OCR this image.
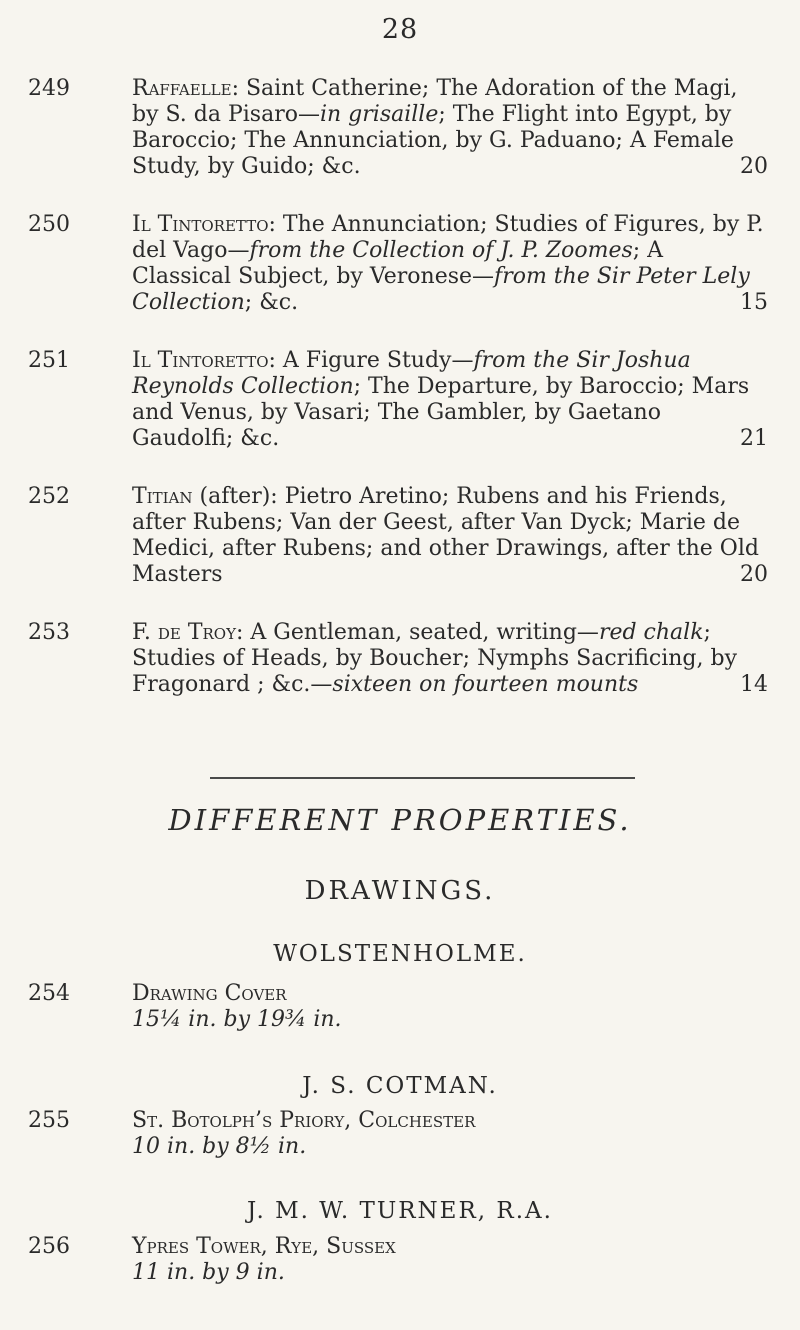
28
249	Raffaelle: Saint Catherine; The Adoration of the Magi, by S. da Pisaro—in grisaille; The Flight into Egypt, by Baroccio; The Annunciation, by G. Paduano; A Female Study, by Guido; &c.	20
250	Il Tintoretto: The Annunciation; Studies of Figures, by P. del Vago—from the Collection of J. P. Zoomes; A Classical Subject, by Veronese—from the Sir Peter Lely Collection; &c.	15
251	Il Tintoretto: A Figure Study—from the Sir Joshua Reynolds Collection; The Departure, by Baroccio; Mars and Venus, by Vasari; The Gambler, by Gaetano Gaudolfi; &c.	21
252	Titian (after): Pietro Aretino; Rubens and his Friends, after Rubens; Van der Geest, after Van Dyck; Marie de Medici, after Rubens; and other Drawings, after the Old Masters	20
253	F. de Troy: A Gentleman, seated, writing—red chalk; Studies of Heads, by Boucher; Nymphs Sacrificing, by Fragonard ; &c.—sixteen on fourteen mounts	14
DIFFERENT PROPERTIES.
DRAWINGS.
WOLSTENHOLME.
254	Drawing Cover
15¼ in. by 19¾ in.
J. S. COTMAN.
255	St. Botolph’s Priory, Colchester
10 in. by 8½ in.
J. M. W. TURNER, R.A.
256	Ypres Tower, Rye, Sussex
11 in. by 9 in.
